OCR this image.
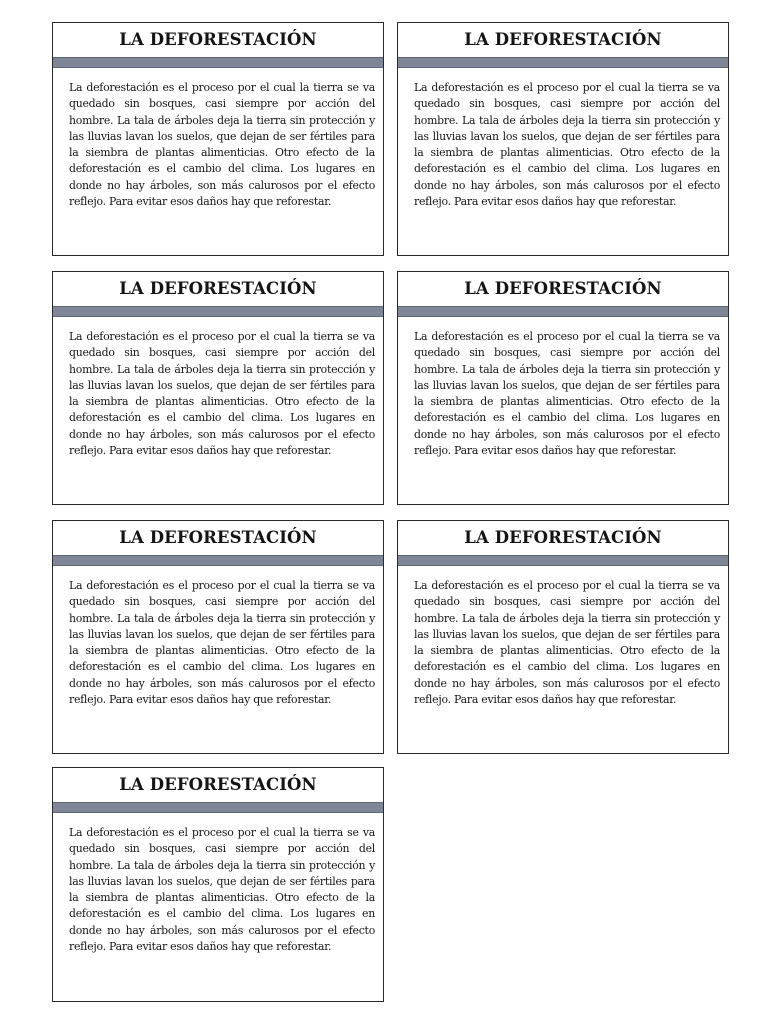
LA DEFORESTACIÓN
La deforestación es el proceso por el cual la tierra se va quedado sin bosques, casi siempre por acción del hombre. La tala de árboles deja la tierra sin protección y las lluvias lavan los suelos, que dejan de ser fértiles para la siembra de plantas alimenticias. Otro efecto de la deforestación es el cambio del clima. Los lugares en donde no hay árboles, son más calurosos por el efecto reflejo. Para evitar esos daños hay que reforestar.
LA DEFORESTACIÓN
La deforestación es el proceso por el cual la tierra se va quedado sin bosques, casi siempre por acción del hombre. La tala de árboles deja la tierra sin protección y las lluvias lavan los suelos, que dejan de ser fértiles para la siembra de plantas alimenticias. Otro efecto de la deforestación es el cambio del clima. Los lugares en donde no hay árboles, son más calurosos por el efecto reflejo. Para evitar esos daños hay que reforestar.
LA DEFORESTACIÓN
La deforestación es el proceso por el cual la tierra se va quedado sin bosques, casi siempre por acción del hombre. La tala de árboles deja la tierra sin protección y las lluvias lavan los suelos, que dejan de ser fértiles para la siembra de plantas alimenticias. Otro efecto de la deforestación es el cambio del clima. Los lugares en donde no hay árboles, son más calurosos por el efecto reflejo. Para evitar esos daños hay que reforestar.
LA DEFORESTACIÓN
La deforestación es el proceso por el cual la tierra se va quedado sin bosques, casi siempre por acción del hombre. La tala de árboles deja la tierra sin protección y las lluvias lavan los suelos, que dejan de ser fértiles para la siembra de plantas alimenticias. Otro efecto de la deforestación es el cambio del clima. Los lugares en donde no hay árboles, son más calurosos por el efecto reflejo. Para evitar esos daños hay que reforestar.
LA DEFORESTACIÓN
La deforestación es el proceso por el cual la tierra se va quedado sin bosques, casi siempre por acción del hombre. La tala de árboles deja la tierra sin protección y las lluvias lavan los suelos, que dejan de ser fértiles para la siembra de plantas alimenticias. Otro efecto de la deforestación es el cambio del clima. Los lugares en donde no hay árboles, son más calurosos por el efecto reflejo. Para evitar esos daños hay que reforestar.
LA DEFORESTACIÓN
La deforestación es el proceso por el cual la tierra se va quedado sin bosques, casi siempre por acción del hombre. La tala de árboles deja la tierra sin protección y las lluvias lavan los suelos, que dejan de ser fértiles para la siembra de plantas alimenticias. Otro efecto de la deforestación es el cambio del clima. Los lugares en donde no hay árboles, son más calurosos por el efecto reflejo. Para evitar esos daños hay que reforestar.
LA DEFORESTACIÓN
La deforestación es el proceso por el cual la tierra se va quedado sin bosques, casi siempre por acción del hombre. La tala de árboles deja la tierra sin protección y las lluvias lavan los suelos, que dejan de ser fértiles para la siembra de plantas alimenticias. Otro efecto de la deforestación es el cambio del clima. Los lugares en donde no hay árboles, son más calurosos por el efecto reflejo. Para evitar esos daños hay que reforestar.
